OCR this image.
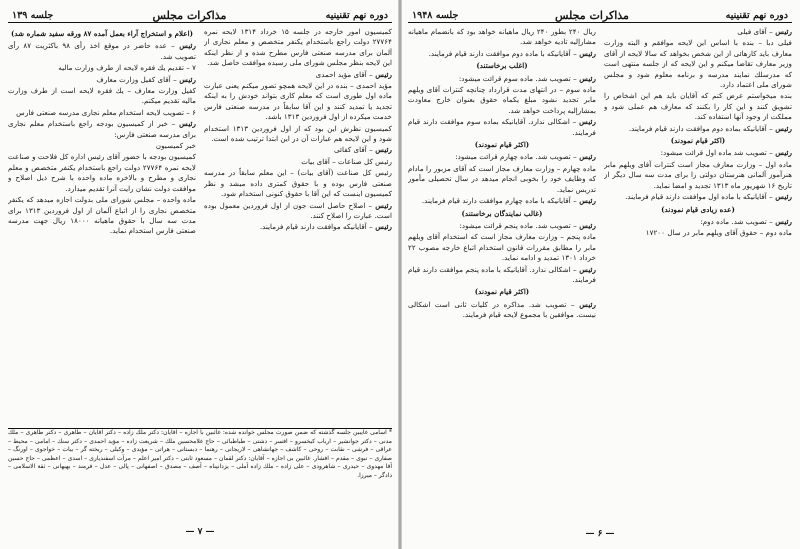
دوره نهم تقنينيه
مذاكرات مجلس
جلسه ۱۳۹

كميسيون امور خارجه در جلسه ۱۵ خرداد ۱۳۱۴ لايحه نمره ۲۷۷۶۴ دولت راجع باستخدام يكنفر متخصص و معلم نجارى از آلمان براى مدرسه صنعتى فارس مطرح شده و از نظر اينكه اين لايحه بنظر مجلس شوراى ملى رسيده موافقت حاصل شد.

رئيس – آقاى مؤيد احمدى

مؤيد احمدى – بنده در اين لايحه همچو تصور ميكنم يعنى عبارت ماده اول طورى است كه معلم كارى بتواند خودش را به اينكه تجديد يا تمديد كنند و اين آقا سابقاً در مدرسه صنعتى فارس خدمت ميكرده از اول فروردين ۱۳۱۳ باشد.

كميسيون نظرش اين بود كه از اول فروردين ۱۳۱۳ استخدام شود و اين لايحه هم عبارات آن در اين ابتدا ترتيب شده است.

رئيس – آقاى كفائى

رئيس كل صناعات – آقاى بيات

رئيس كل صناعت (آقاى بيات) – اين معلم سابقاً در مدرسه صنعتى فارس بوده و با حقوق كمترى داده ميشد و نظر كميسيون اينست كه اين آقا با حقوق كنونى استخدام شود.

رئيس – اصلاح حاصل است جون از اول فروردين معمول بوده است. عبارت را اصلاح كنند.

رئيس – آقايانيكه موافقت دارند قيام فرمايند.

(اعلام و استخراج آراء بعمل آمده ۸۷ ورقه سفيد شماره شد)

رئيس – عده حاضر در موقع اخذ رأى ۹۸ باكثريت ۸۷ رأى تصويب شد.

۷ – تقديم يك فقره لايحه از طرف وزارت ماليه

رئيس – آقاى كفيل وزارت معارف

كفيل وزارت معارف – يك فقره لايحه است از طرف وزارت ماليه تقديم ميكنم.

۶ – تصويب لايحه استخدام معلم نجارى مدرسه صنعتى فارس

رئيس – خبر از كميسيون بودجه راجع باستخدام معلم نجارى براى مدرسه صنعتى فارس:

خبر كميسيون

كميسيون بودجه با حضور آقاى رئيس اداره كل فلاحت و صناعت لايحه نمره ۲۷۷۶۴ دولت راجع باستخدام يكنفر متخصص و معلم نجارى و مطرح و بالاخره ماده واحده با شرح ذيل اصلاح و موافقت دولت نشان رايت آنرا تقديم ميدارد.

ماده واحده – مجلس شوراى ملى بدولت اجازه ميدهد كه يكنفر متخصص نجارى را از اتباع آلمان از اول فروردين ۱۳۱۳ براى مدت سه سال با حقوق ماهيانه ۱۸۰۰۰ ريال جهت مدرسه صنعتى فارس استخدام نمايد.

* اسامى غايبين جلسه گذشته كه ضمن صورت مجلس خوانده شده: غائبين با اجازه – آقايان: دكتر ملك زاده – دكتر آقايان – طاهرى – دكتر طاهرى – ملك مدنى – دكتر جوانشير – ارباب كيخسرو – افسر – دشتى – طباطبائى – حاج غلامحسين ملك – شريعت زاده – مؤيد احمدى – دكتر سنك – امامى – محيط – عراقى – فرشى – نقابت – روحى – كاشف – جهانشاهى – لاريجانى – رهنما – دبستانى – هراتى – مؤيدى – وكيلى – ريخته گر – بيات – خواجوى – اورنگ – صفارى – نبوى – مقدم – افشار. غائبين بى اجازه – آقايان: دكتر لقمان – مسعود ثابتى – دكتر امير اعلم – مرآت اسفنديارى – اسدى – اعظمى – حاج حسين آقا مهدوى – حيدرى – شاهرودى – على زاده – ملك زاده آملى – يزدانپناه – آصف – مصدق – اصفهانى – پالى – عدل – فرمند – بهبهانى – ثقة الاسلامى – دادگر – ميرزا.
— ۷ —
دوره نهم تقنينيه
مذاكرات مجلس
جلسه ۱۹۴۸

رئيس – آقاى فيلى

فيلى دبا – بنده با اساس اين لايحه موافقم و البته وزارت معارف بايد كارهائى از اين شخص بخواهد كه سالا لايحه از آقاى وزير معارف تقاضا ميكنم و اين لايحه كه از جلسه منتهى است كه مدرسلك نمايند مدرسه و برنامه معلوم شود و مجلس شوراى ملى اعتماد دارد.

بنده ميخواستم عرض كنم كه آقايان بايد هم اين اشخاص را تشويق كنند و اين كار را بكنند كه معارف هم عملى شود و مملكت از وجود آنها استفاده كند.

رئيس – آقايانيكه بماده دوم موافقت دارند قيام فرمايند.

(اكثر قيام نمودند)

رئيس – تصويب شد ماده اول قرائت ميشود:

ماده اول – وزارت معارف مجاز است كنترات آقاى ويلهم مابر هنرآموز آلمانى هنرستان دولتى را براى مدت سه سال ديگر از تاريخ ۱۶ شهريور ماه ۱۳۱۳ تجديد و امضا نمايد.

رئيس – آقايانيكه با ماده اول موافقت دارند قيام فرمايند.

(عده زيادى قيام نمودند)

رئيس – تصويب شد. ماده دوم:

ماده دوم – حقوق آقاى ويلهم مابر در سال ۱۷۲۰۰

ريال ۲۴۰ بطور ۲۴۰ ريال ماهيانه خواهد بود كه بانضمام ماهيانه مشارإليه تاديه خواهد شد.

رئيس – آقايانيكه با ماده دوم موافقت دارند قيام فرمايند.

(اغلب برخاستند)

رئيس – تصويب شد. ماده سوم قرائت ميشود:

ماده سوم – در انتهاى مدت قرارداد چنانچه كنترات آقاى ويلهم مابر تجديد نشود مبلغ يكماه حقوق بعنوان خارج معاودت بمشارإليه پرداخت خواهد شد.

رئيس – اشكالى ندارد. آقايانيكه بماده سوم موافقت دارند قيام فرمايند.

(اكثر قيام نمودند)

رئيس – تصويب شد. ماده چهارم قرائت ميشود:

ماده چهارم – وزارت معارف مجاز است كه آقاى مزبور را مادام كه وظايف خود را بخوبى انجام ميدهد در سال تحصيلى مأمور تدريس نمايد.

رئيس – آقايانيكه با ماده چهارم موافقت دارند قيام فرمايند.

(غالب نمايندگان برخاستند)

رئيس – تصويب شد. ماده پنجم قرائت ميشود:

ماده پنجم – وزارت معارف مجاز است كه استخدام آقاى ويلهم مابر را مطابق مقررات قانون استخدام اتباع خارجه مصوب ۲۲ خرداد ۱۳۰۱ تمديد و ادامه نمايد.

رئيس – اشكالى ندارد. آقايانيكه با ماده پنجم موافقت دارند قيام فرمايند.

(اكثر قيام نمودند)

رئيس – تصويب شد. مذاكره در كليات ثانى است اشكالى نيست. موافقين با مجموع لايحه قيام فرمايند.

— ۶ —
